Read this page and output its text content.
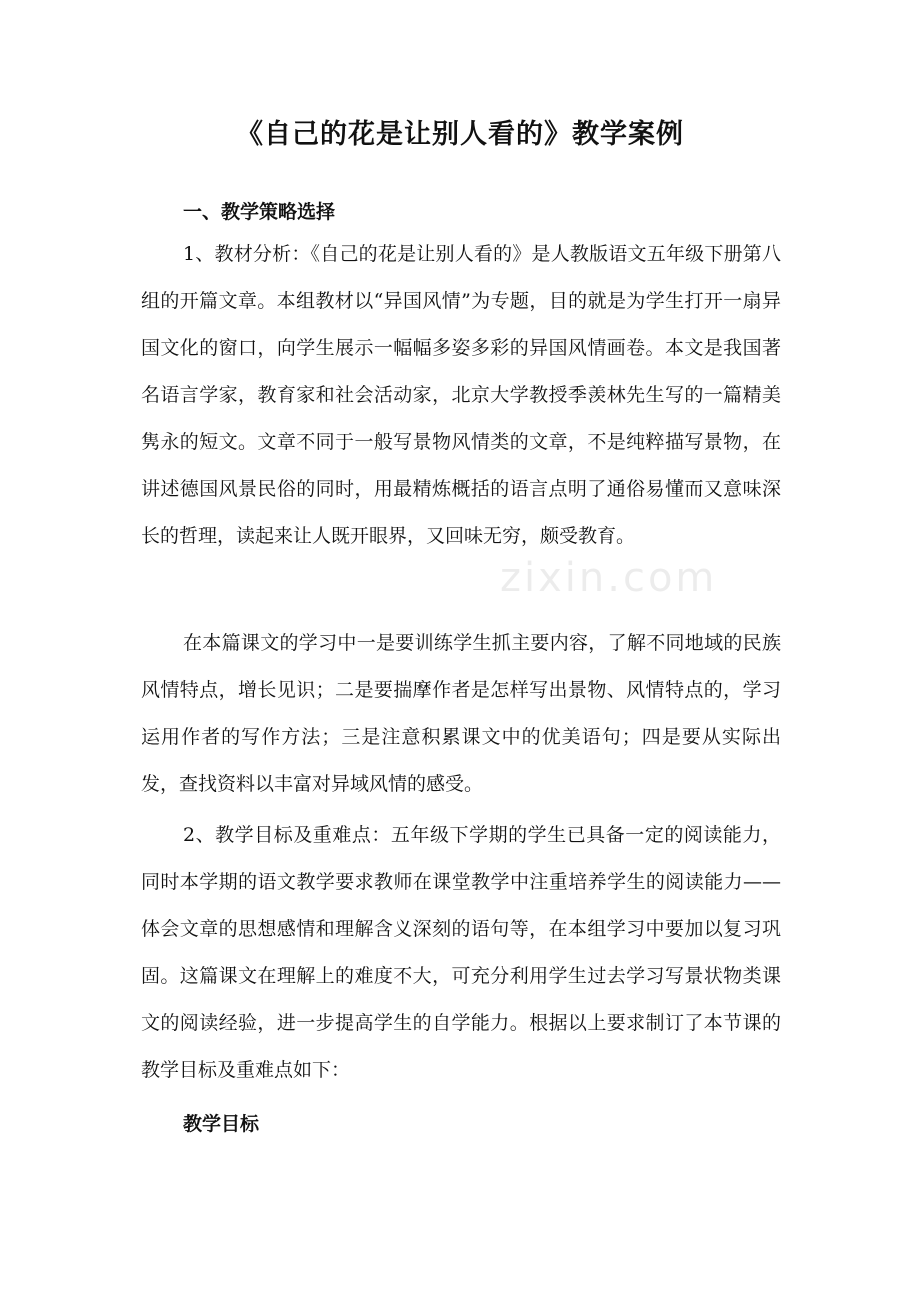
《自己的花是让别人看的》教学案例
一、教学策略选择

1、教材分析：《自己的花是让别人看的》是人教版语文五年级下册第八组的开篇文章。本组教材以“异国风情”为专题，目的就是为学生打开一扇异国文化的窗口，向学生展示一幅幅多姿多彩的异国风情画卷。本文是我国著名语言学家，教育家和社会活动家，北京大学教授季羡林先生写的一篇精美隽永的短文。文章不同于一般写景物风情类的文章，不是纯粹描写景物，在讲述德国风景民俗的同时，用最精炼概括的语言点明了通俗易懂而又意味深长的哲理，读起来让人既开眼界，又回味无穷，颇受教育。

在本篇课文的学习中一是要训练学生抓主要内容，了解不同地域的民族风情特点，增长见识；二是要揣摩作者是怎样写出景物、风情特点的，学习运用作者的写作方法；三是注意积累课文中的优美语句；四是要从实际出发，查找资料以丰富对异域风情的感受。

2、教学目标及重难点：五年级下学期的学生已具备一定的阅读能力，同时本学期的语文教学要求教师在课堂教学中注重培养学生的阅读能力——体会文章的思想感情和理解含义深刻的语句等，在本组学习中要加以复习巩固。这篇课文在理解上的难度不大，可充分利用学生过去学习写景状物类课文的阅读经验，进一步提高学生的自学能力。根据以上要求制订了本节课的教学目标及重难点如下：

教学目标
zixin.com
